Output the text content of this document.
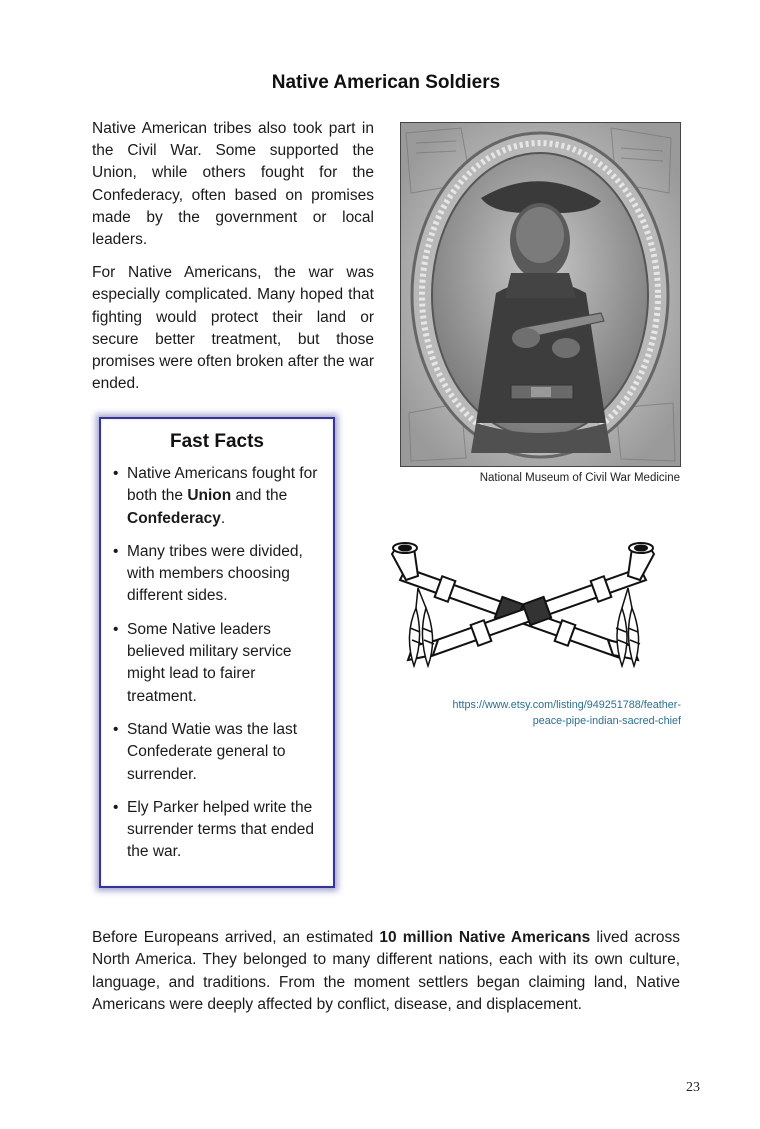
Native American Soldiers

Native American tribes also took part in the Civil War. Some supported the Union, while others fought for the Confederacy, often based on promises made by the government or local leaders.

For Native Americans, the war was especially complicated. Many hoped that fighting would protect their land or secure better treatment, but those promises were often broken after the war ended.

National Museum of Civil War Medicine
https://www.etsy.com/listing/949251788/feather-
peace-pipe-indian-sacred-chief
Fast Facts
• Native Americans fought for both the Union and the Confederacy.
• Many tribes were divided, with members choosing different sides.
• Some Native leaders believed military service might lead to fairer treatment.
• Stand Watie was the last Confederate general to surrender.
• Ely Parker helped write the surrender terms that ended the war.
Before Europeans arrived, an estimated 10 million Native Americans lived across North America. They belonged to many different nations, each with its own culture, language, and traditions. From the moment settlers began claiming land, Native Americans were deeply affected by conflict, disease, and displacement.
23
